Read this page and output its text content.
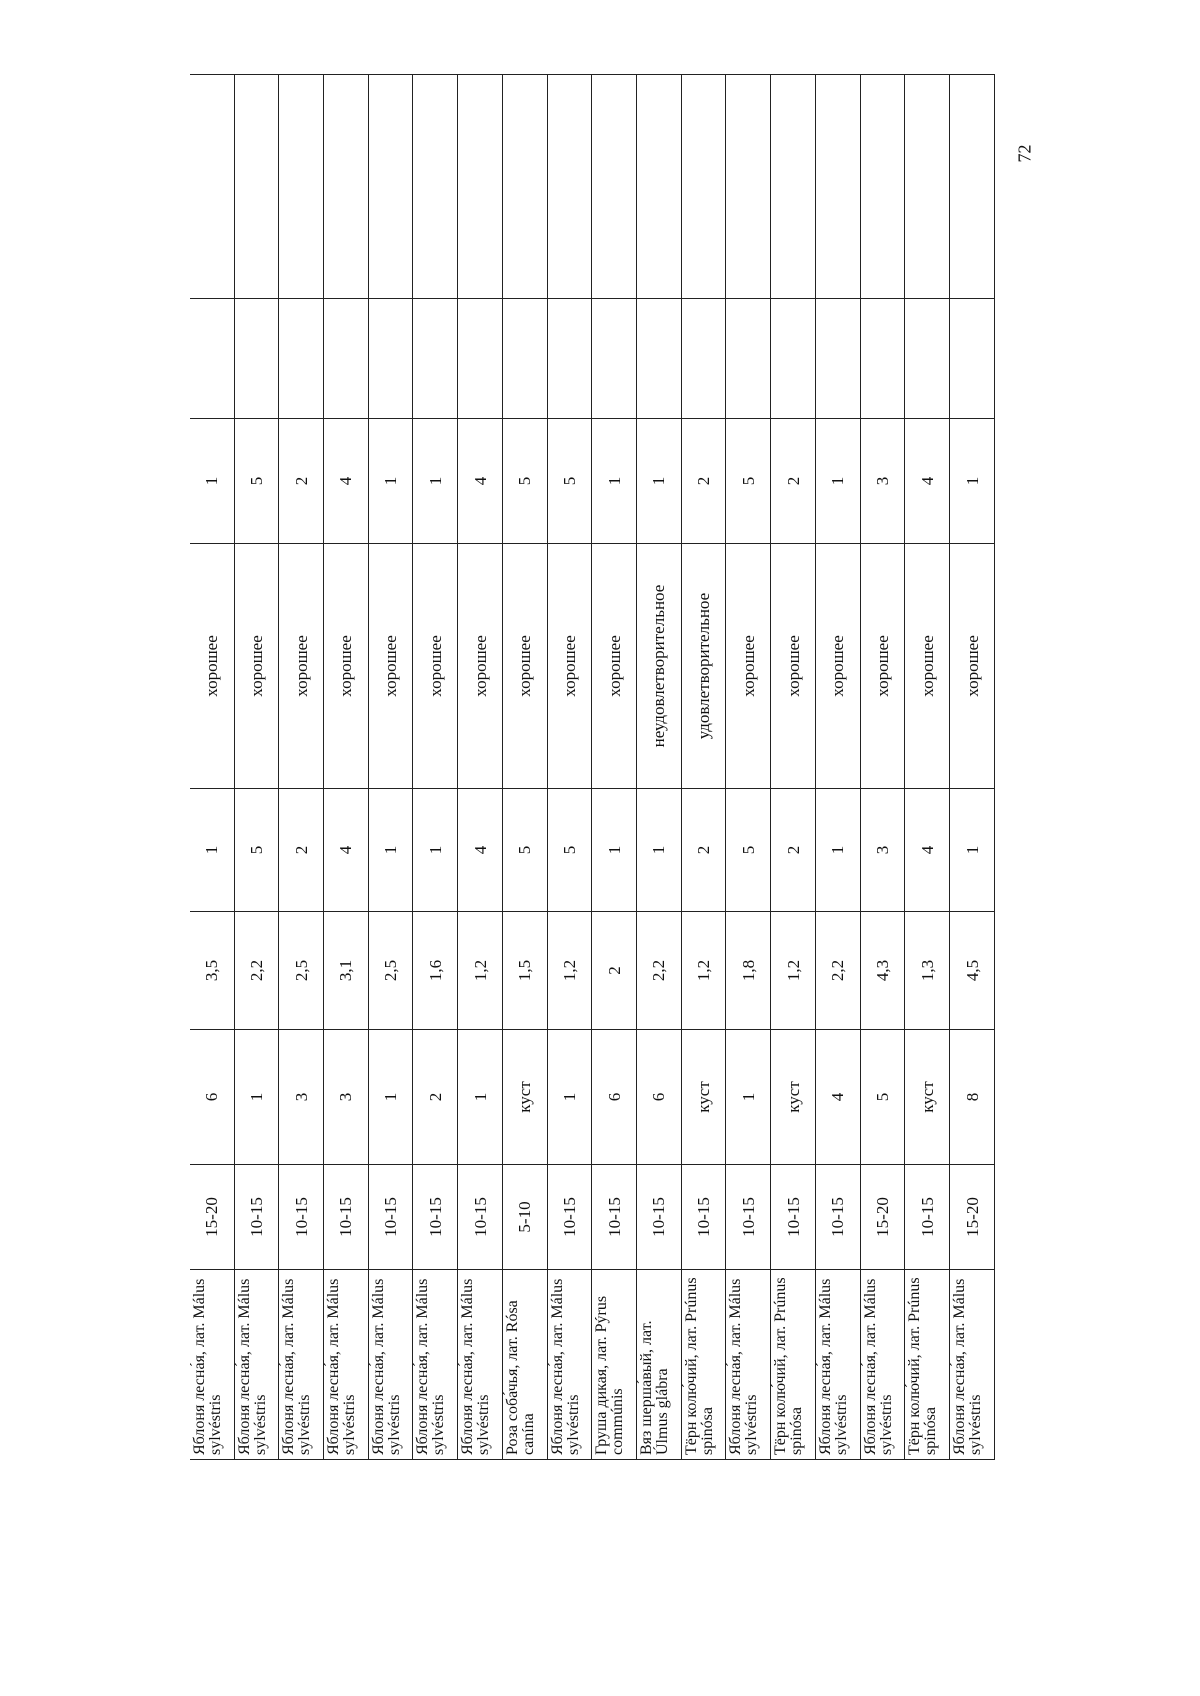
Яблоня лесна́я, лат. Málus sylvéstris	15-20	6	3,5	1	хорошее	1		
Яблоня лесна́я, лат. Málus sylvéstris	10-15	1	2,2	5	хорошее	5		
Яблоня лесна́я, лат. Málus sylvéstris	10-15	3	2,5	2	хорошее	2		
Яблоня лесна́я, лат. Málus sylvéstris	10-15	3	3,1	4	хорошее	4		
Яблоня лесна́я, лат. Málus sylvéstris	10-15	1	2,5	1	хорошее	1		
Яблоня лесна́я, лат. Málus sylvéstris	10-15	2	1,6	1	хорошее	1		
Яблоня лесна́я, лат. Málus sylvéstris	10-15	1	1,2	4	хорошее	4		
Роза соба́чья, лат. Rósa canína	5-10	куст	1,5	5	хорошее	5		
Яблоня лесна́я, лат. Málus sylvéstris	10-15	1	1,2	5	хорошее	5		
Груша дикая, лат. Pýrus commúnis	10-15	6	2	1	хорошее	1		
Вяз шерша́вый, лат. Úlmus glábra	10-15	6	2,2	1	неудовлетворительное	1		
Тёрн колю́чий, лат. Prúnus spinósa	10-15	куст	1,2	2	удовлетворительное	2		
Яблоня лесна́я, лат. Málus sylvéstris	10-15	1	1,8	5	хорошее	5		
Тёрн колю́чий, лат. Prúnus spinósa	10-15	куст	1,2	2	хорошее	2		
Яблоня лесна́я, лат. Málus sylvéstris	10-15	4	2,2	1	хорошее	1		
Яблоня лесна́я, лат. Málus sylvéstris	15-20	5	4,3	3	хорошее	3		
Тёрн колю́чий, лат. Prúnus spinósa	10-15	куст	1,3	4	хорошее	4		
Яблоня лесна́я, лат. Málus sylvéstris	15-20	8	4,5	1	хорошее	1		
72
